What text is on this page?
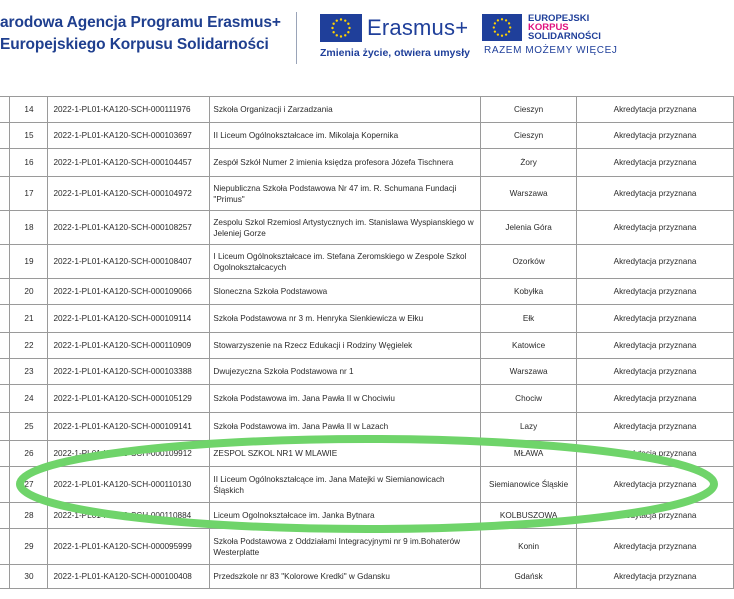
arodowa Agencja Programu Erasmus+
Europejskiego Korpusu Solidarności
Erasmus+
Zmienia życie, otwiera umysły
EUROPEJSKI
KORPUS
SOLIDARNOŚCI
RAZEM MOŻEMY WIĘCEJ
	14	2022-1-PL01-KA120-SCH-000111976	Szkoła Organizacji i Zarzadzania	Cieszyn	Akredytacja przyznana
	15	2022-1-PL01-KA120-SCH-000103697	II Liceum Ogólnokształcace im. Mikolaja Kopernika	Cieszyn	Akredytacja przyznana
	16	2022-1-PL01-KA120-SCH-000104457	Zespół Szkół Numer 2 imienia księdza profesora Józefa Tischnera	Żory	Akredytacja przyznana
	17	2022-1-PL01-KA120-SCH-000104972	Niepubliczna Szkoła Podstawowa Nr 47 im. R. Schumana Fundacji "Primus"	Warszawa	Akredytacja przyznana
	18	2022-1-PL01-KA120-SCH-000108257	Zespolu Szkol Rzemiosl Artystycznych im. Stanislawa Wyspianskiego w Jeleniej Gorze	Jelenia Góra	Akredytacja przyznana
	19	2022-1-PL01-KA120-SCH-000108407	I Liceum Ogólnokształcace im. Stefana Zeromskiego w Zespole Szkol Ogolnokształcacych	Ozorków	Akredytacja przyznana
	20	2022-1-PL01-KA120-SCH-000109066	Sloneczna Szkoła Podstawowa	Kobyłka	Akredytacja przyznana
	21	2022-1-PL01-KA120-SCH-000109114	Szkoła Podstawowa nr 3 m. Henryka Sienkiewicza w Ełku	Ełk	Akredytacja przyznana
	22	2022-1-PL01-KA120-SCH-000110909	Stowarzyszenie na Rzecz Edukacji i Rodziny Węgielek	Katowice	Akredytacja przyznana
	23	2022-1-PL01-KA120-SCH-000103388	Dwujezyczna Szkoła Podstawowa nr 1	Warszawa	Akredytacja przyznana
	24	2022-1-PL01-KA120-SCH-000105129	Szkoła Podstawowa im. Jana Pawła II w Chociwiu	Chociw	Akredytacja przyznana
	25	2022-1-PL01-KA120-SCH-000109141	Szkoła Podstawowa im. Jana Pawła II w Lazach	Lazy	Akredytacja przyznana
	26	2022-1-PL01-KA120-SCH-000109912	ZESPOL SZKOL NR1 W MLAWIE	MŁAWA	Akredytacja przyznana
	27	2022-1-PL01-KA120-SCH-000110130	II Liceum Ogólnokształcące im. Jana Matejki w Siemianowicach Śląskich	Siemianowice Śląskie	Akredytacja przyznana
	28	2022-1-PL01-KA120-SCH-000110884	Liceum Ogolnokształcace im. Janka Bytnara	KOLBUSZOWA	Akredytacja przyznana
	29	2022-1-PL01-KA120-SCH-000095999	Szkoła Podstawowa z Oddziałami Integracyjnymi nr 9 im.Bohaterów Westerplatte	Konin	Akredytacja przyznana
	30	2022-1-PL01-KA120-SCH-000100408	Przedszkole nr 83 "Kolorowe Kredki" w Gdansku	Gdańsk	Akredytacja przyznana
